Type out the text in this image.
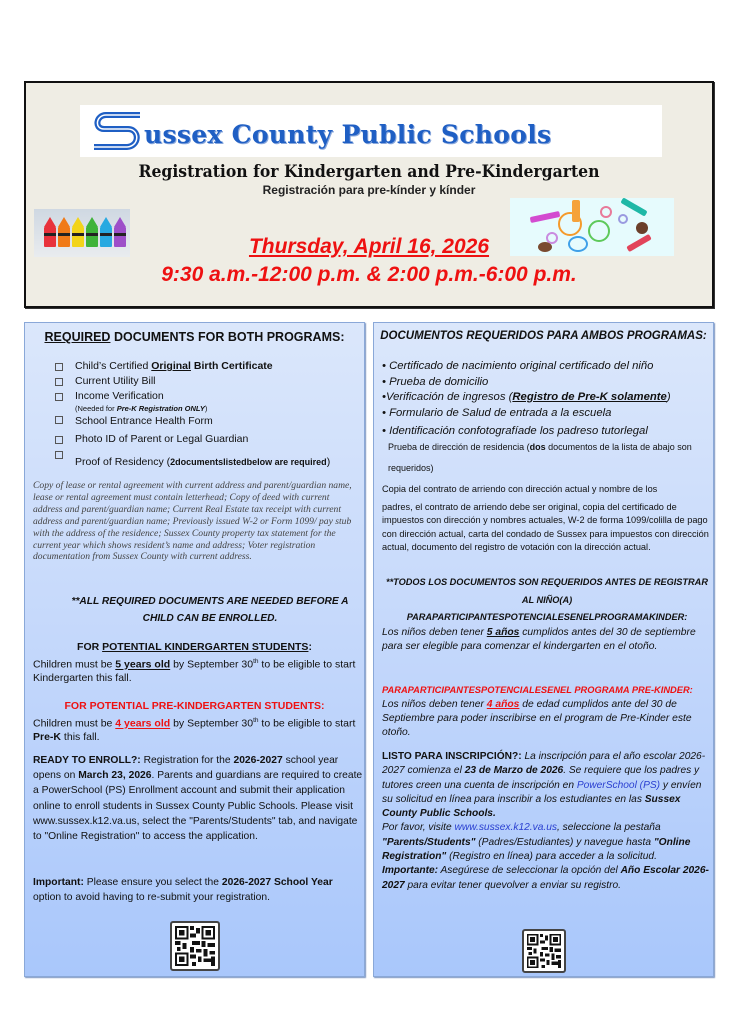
ussex County Public Schools
Registration for Kindergarten and Pre-Kindergarten
Registración para pre-kínder y kínder
Thursday, April 16, 2026
9:30 a.m.-12:00 p.m. & 2:00 p.m.-6:00 p.m.
REQUIRED DOCUMENTS FOR BOTH PROGRAMS:
Child’s Certified Original Birth Certificate
Current Utility Bill
Income Verification
(Needed for Pre-K Registration ONLY)
School Entrance Health Form
Photo ID of Parent or Legal Guardian
Proof of Residency (2documentslistedbelow are required)
Copy of lease or rental agreement with current address and parent/guardian name, lease or rental agreement must contain letterhead; Copy of deed with current address and parent/guardian name; Current Real Estate tax receipt with current address and parent/guardian name; Previously issued W-2 or Form 1099/ pay stub with the address of the residence; Sussex County property tax statement for the current year which shows resident’s name and address; Voter registration documentation from Sussex County with current address.
**ALL REQUIRED DOCUMENTS ARE NEEDED BEFORE A CHILD CAN BE ENROLLED.
FOR POTENTIAL KINDERGARTEN STUDENTS:
Children must be 5 years old by September 30th to be eligible to start Kindergarten this fall.
FOR POTENTIAL PRE-KINDERGARTEN STUDENTS:
Children must be 4 years old by September 30th to be eligible to start Pre-K this fall.
READY TO ENROLL?: Registration for the 2026-2027 school year opens on March 23, 2026. Parents and guardians are required to create a PowerSchool (PS) Enrollment account and submit their application online to enroll students in Sussex County Public Schools. Please visit www.sussex.k12.va.us, select the "Parents/Students" tab, and navigate to "Online Registration" to access the application.
Important: Please ensure you select the 2026-2027 School Year option to avoid having to re-submit your registration.
DOCUMENTOS REQUERIDOS PARA AMBOS PROGRAMAS:
• Certificado de nacimiento original certificado del niño
• Prueba de domicilio
•Verificación de ingresos (Registro de Pre-K solamente)
• Formulario de Salud de entrada a la escuela
• Identificación confotografíade los padreso tutorlegal
Prueba de dirección de residencia (dos documentos de la lista de abajo son requeridos)
Copia del contrato de arriendo con dirección actual y nombre de los
padres, el contrato de arriendo debe ser original, copia del certificado de impuestos con dirección y nombres actuales, W-2 de forma 1099/colilla de pago con dirección actual, carta del condado de Sussex para impuestos con dirección actual, documento del registro de votación con la dirección actual.
**TODOS LOS DOCUMENTOS SON REQUERIDOS ANTES DE REGISTRAR AL NIÑO(A)
PARAPARTICIPANTESPOTENCIALESENELPROGRAMAKINDER:
Los niños deben tener 5 años cumplidos antes del 30 de septiembre para ser elegible para comenzar el kindergarten en el otoño.
PARAPARTICIPANTESPOTENCIALESENEL PROGRAMA PRE-KINDER:
Los niños deben tener 4 años de edad cumplidos ante del 30 de Septiembre para poder inscribirse en el program de Pre-Kinder este otoño.
LISTO PARA INSCRIPCIÓN?: La inscripción para el año escolar 2026-2027 comienza el 23 de Marzo de 2026. Se requiere que los padres y tutores creen una cuenta de inscripción en PowerSchool (PS) y envíen su solicitud en línea para inscribir a los estudiantes en las Sussex County Public Schools.
Por favor, visite www.sussex.k12.va.us, seleccione la pestaña "Parents/Students" (Padres/Estudiantes) y navegue hasta "Online Registration" (Registro en línea) para acceder a la solicitud.
Importante: Asegúrese de seleccionar la opción del Año Escolar 2026-2027 para evitar tener quevolver a enviar su registro.
